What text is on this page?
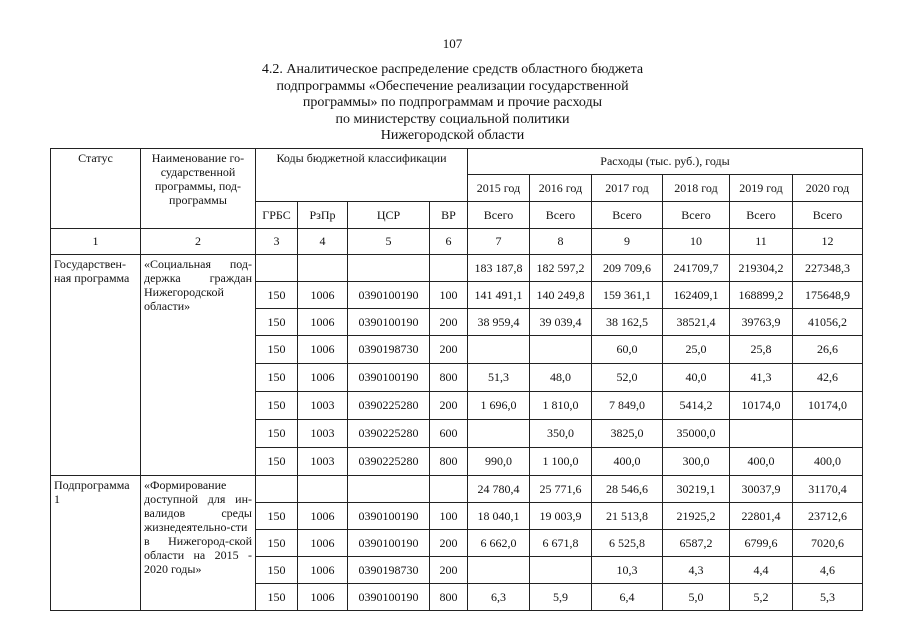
107
4.2. Аналитическое распределение средств областного бюджета
подпрограммы «Обеспечение реализации государственной
программы» по подпрограммам и прочие расходы
по министерству социальной политики
Нижегородской области
Статус	Наименование го-сударственной программы, под-программы	Коды бюджетной классификации				Расходы (тыс. руб.), годы					
						2015 год	2016 год	2017 год	2018 год	2019 год	2020 год
		ГРБС	РзПр	ЦСР	ВР	Всего	Всего	Всего	Всего	Всего	Всего
1	2	3	4	5	6	7	8	9	10	11	12
Государствен-ная программа	«Социальная под-держка граждан Нижегородской области»					183 187,8	182 597,2	209 709,6	241709,7	219304,2	227348,3
		150	1006	0390100190	100	141 491,1	140 249,8	159 361,1	162409,1	168899,2	175648,9
		150	1006	0390100190	200	38 959,4	39 039,4	38 162,5	38521,4	39763,9	41056,2
		150	1006	0390198730	200			60,0	25,0	25,8	26,6
		150	1006	0390100190	800	51,3	48,0	52,0	40,0	41,3	42,6
		150	1003	0390225280	200	1 696,0	1 810,0	7 849,0	5414,2	10174,0	10174,0
		150	1003	0390225280	600		350,0	3825,0	35000,0		
		150	1003	0390225280	800	990,0	1 100,0	400,0	300,0	400,0	400,0
Подпрограмма 1	«Формирование доступной для ин-валидов среды жизнедеятельно-сти в Нижегород-ской области на 2015 - 2020 годы»					24 780,4	25 771,6	28 546,6	30219,1	30037,9	31170,4
		150	1006	0390100190	100	18 040,1	19 003,9	21 513,8	21925,2	22801,4	23712,6
		150	1006	0390100190	200	6 662,0	6 671,8	6 525,8	6587,2	6799,6	7020,6
		150	1006	0390198730	200			10,3	4,3	4,4	4,6
		150	1006	0390100190	800	6,3	5,9	6,4	5,0	5,2	5,3
